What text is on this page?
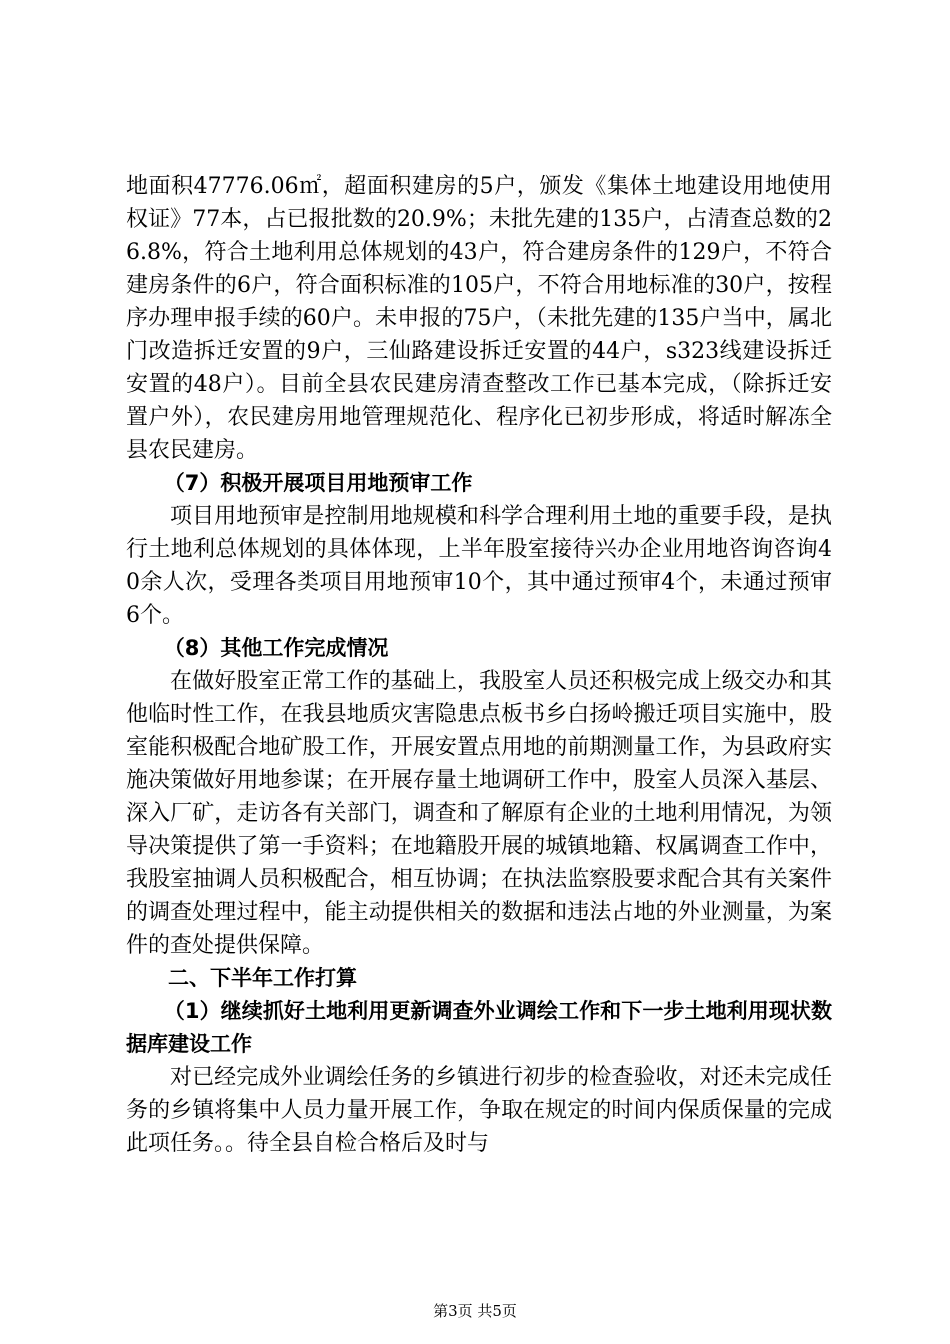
地面积47776.06㎡，超面积建房的5户，颁发《集体土地建设用地使用权证》77本，占已报批数的20.9%；未批先建的135户，占清查总数的26.8%，符合土地利用总体规划的43户，符合建房条件的129户，不符合建房条件的6户，符合面积标准的105户，不符合用地标准的30户，按程序办理申报手续的60户。未申报的75户，（未批先建的135户当中，属北门改造拆迁安置的9户，三仙路建设拆迁安置的44户，s323线建设拆迁安置的48户）。目前全县农民建房清查整改工作已基本完成，（除拆迁安置户外），农民建房用地管理规范化、程序化已初步形成，将适时解冻全县农民建房。

（7）积极开展项目用地预审工作

项目用地预审是控制用地规模和科学合理利用土地的重要手段，是执行土地利总体规划的具体体现，上半年股室接待兴办企业用地咨询咨询40余人次，受理各类项目用地预审10个，其中通过预审4个，未通过预审6个。

（8）其他工作完成情况

在做好股室正常工作的基础上，我股室人员还积极完成上级交办和其他临时性工作，在我县地质灾害隐患点板书乡白扬岭搬迁项目实施中，股室能积极配合地矿股工作，开展安置点用地的前期测量工作，为县政府实施决策做好用地参谋；在开展存量土地调研工作中，股室人员深入基层、深入厂矿，走访各有关部门，调查和了解原有企业的土地利用情况，为领导决策提供了第一手资料；在地籍股开展的城镇地籍、权属调查工作中，我股室抽调人员积极配合，相互协调；在执法监察股要求配合其有关案件的调查处理过程中，能主动提供相关的数据和违法占地的外业测量，为案件的查处提供保障。

二、下半年工作打算

（1）继续抓好土地利用更新调查外业调绘工作和下一步土地利用现状数据库建设工作

对已经完成外业调绘任务的乡镇进行初步的检查验收，对还未完成任务的乡镇将集中人员力量开展工作，争取在规定的时间内保质保量的完成此项任务。。待全县自检合格后及时与

第3页 共5页
